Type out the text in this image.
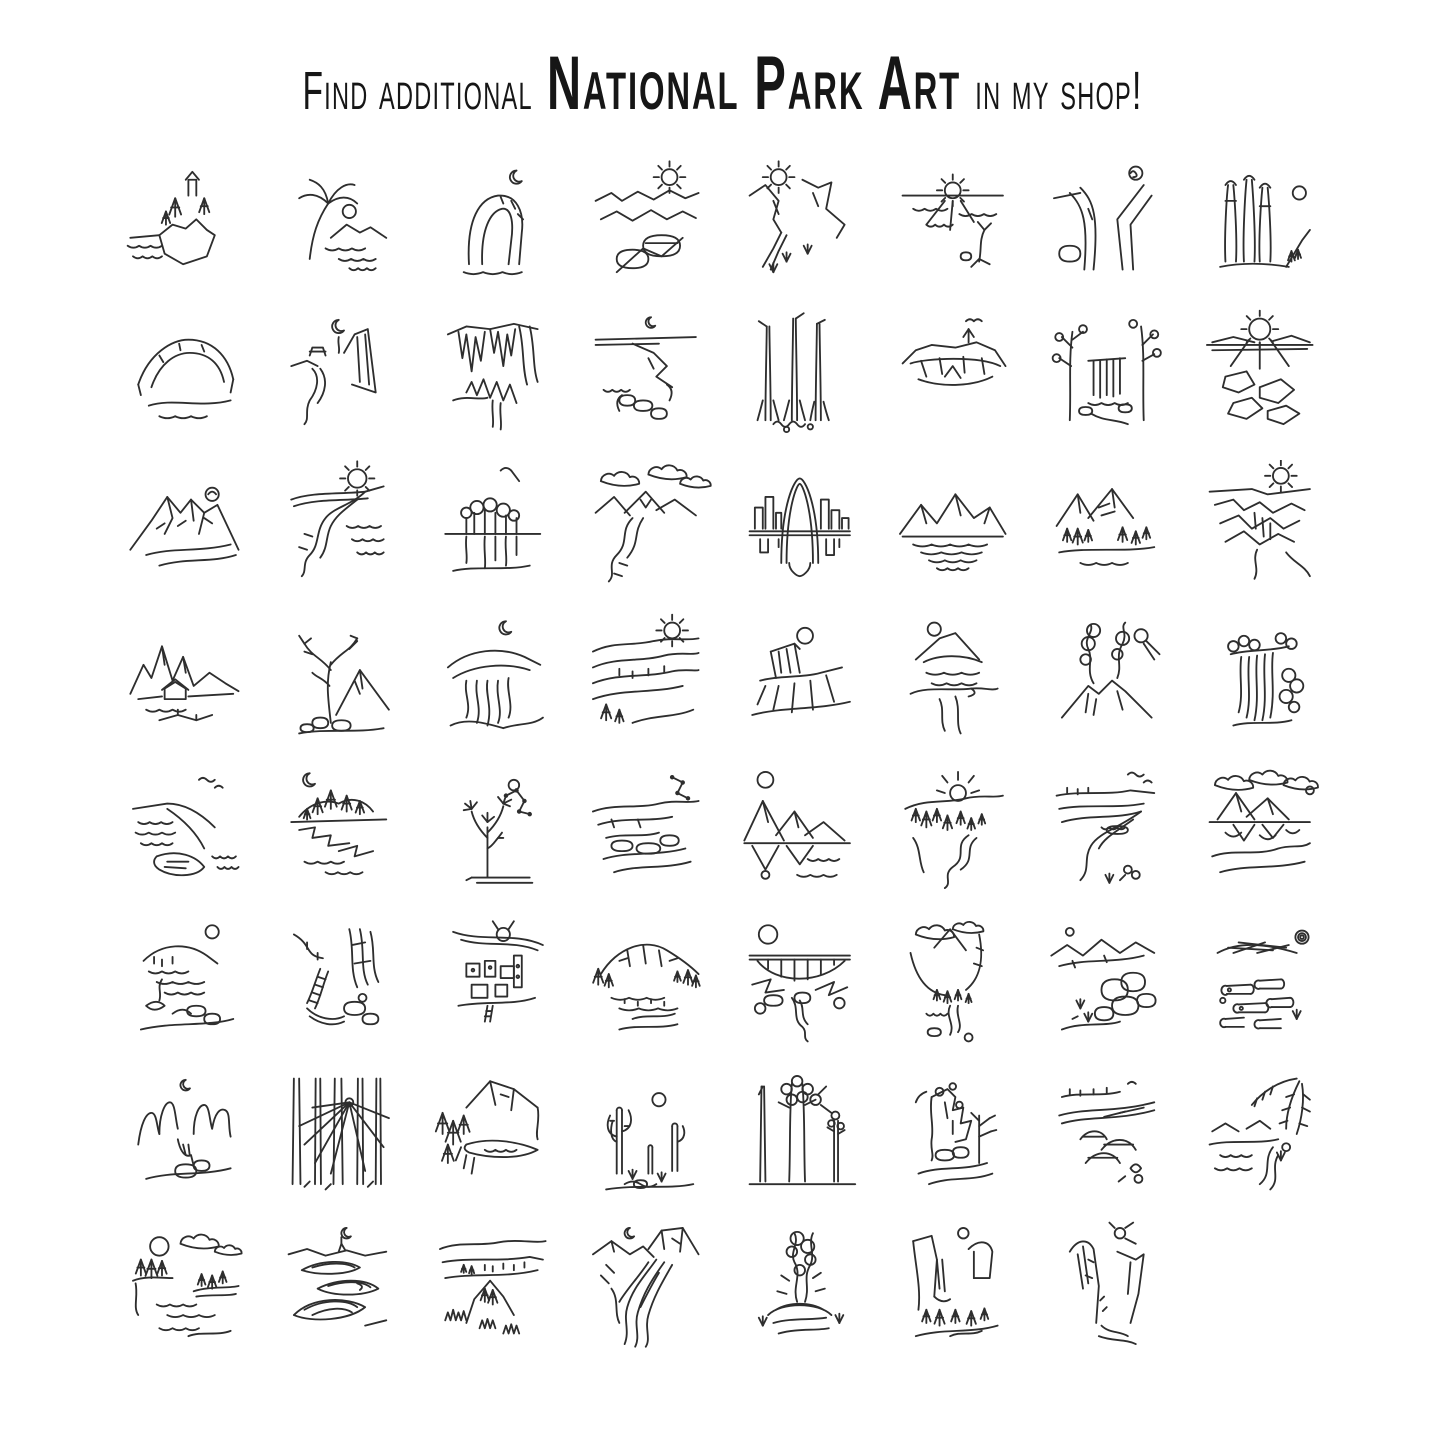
Find additional National Park Art in my shop!
